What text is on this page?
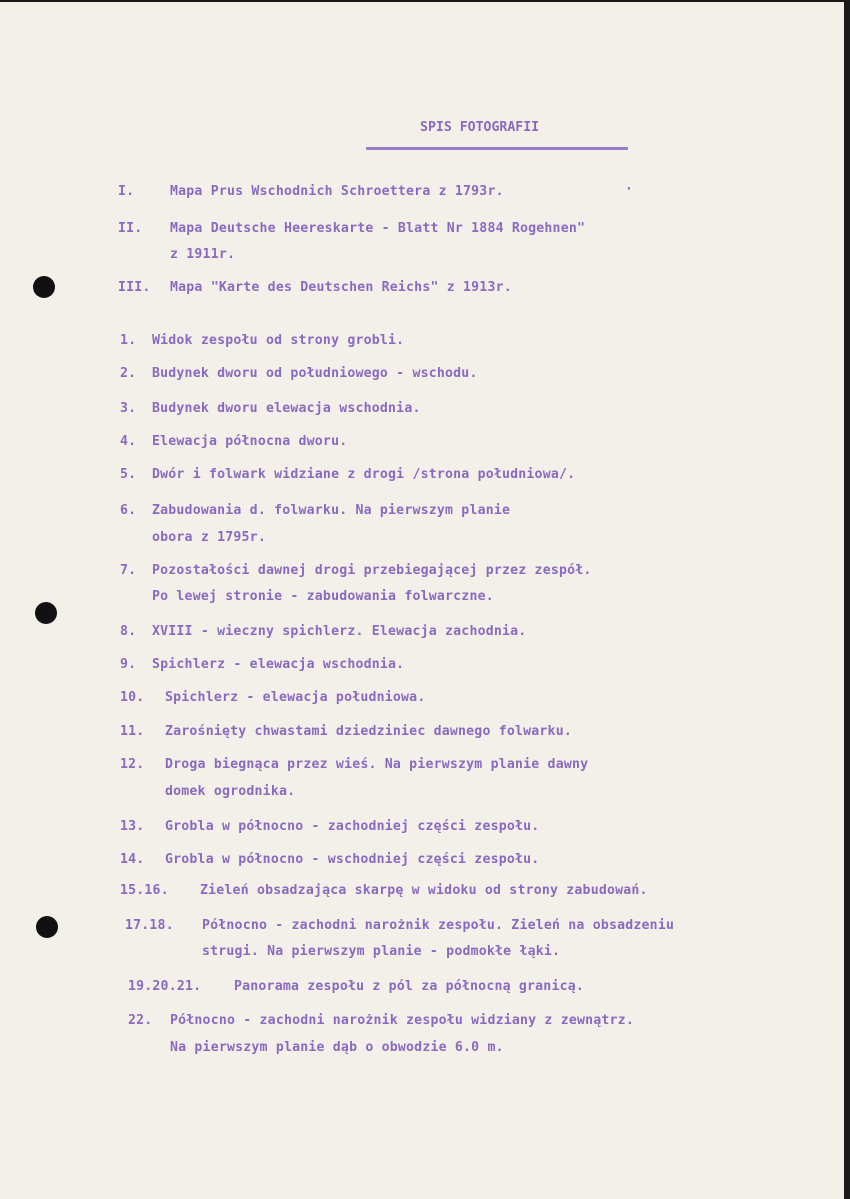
SPIS FOTOGRAFII
I.	Mapa Prus Wschodnich Schroettera z 1793r.	·
II. Mapa Deutsche Heereskarte - Blatt Nr 1884 Rogehnen"
z 1911r.
III. Mapa "Karte des Deutschen Reichs" z 1913r.
1. Widok zespołu od strony grobli.
2. Budynek dworu od południowego - wschodu.
3. Budynek dworu elewacja wschodnia.
4. Elewacja północna dworu.
5. Dwór i folwark widziane z drogi /strona południowa/.
6. Zabudowania d. folwarku. Na pierwszym planie
obora z 1795r.
7. Pozostałości dawnej drogi przebiegającej przez zespół.
Po lewej stronie - zabudowania folwarczne.
8. XVIII - wieczny spichlerz. Elewacja zachodnia.
9. Spichlerz - elewacja wschodnia.
10. Spichlerz - elewacja południowa.
11. Zarośnięty chwastami dziedziniec dawnego folwarku.
12. Droga biegnąca przez wieś. Na pierwszym planie dawny
domek ogrodnika.
13. Grobla w północno - zachodniej części zespołu.
14. Grobla w północno - wschodniej części zespołu.
15.16. Zieleń obsadzająca skarpę w widoku od strony zabudowań.
17.18. Północno - zachodni narożnik zespołu. Zieleń na obsadzeniu
strugi. Na pierwszym planie - podmokłe łąki.
19.20.21. Panorama zespołu z pól za północną granicą.
22. Północno - zachodni narożnik zespołu widziany z zewnątrz.
Na pierwszym planie dąb o obwodzie 6.0 m.
